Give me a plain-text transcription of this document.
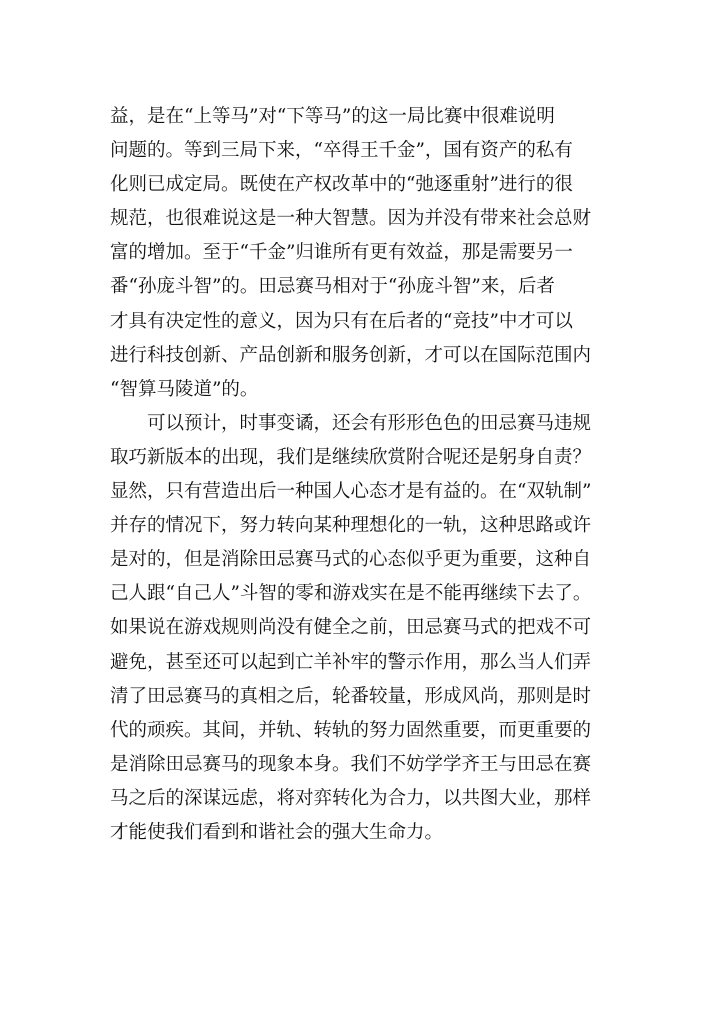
益，是在“上等马”对“下等马”的这一局比赛中很难说明
问题的。等到三局下来，“卒得王千金”，国有资产的私有
化则已成定局。既使在产权改革中的“弛逐重射”进行的很
规范，也很难说这是一种大智慧。因为并没有带来社会总财
富的增加。至于“千金”归谁所有更有效益，那是需要另一
番“孙庞斗智”的。田忌赛马相对于“孙庞斗智”来，后者
才具有决定性的意义，因为只有在后者的“竞技”中才可以
进行科技创新、产品创新和服务创新，才可以在国际范围内
“智算马陵道”的。
可以预计，时事变谲，还会有形形色色的田忌赛马违规
取巧新版本的出现，我们是继续欣赏附合呢还是躬身自责？
显然，只有营造出后一种国人心态才是有益的。在“双轨制”
并存的情况下，努力转向某种理想化的一轨，这种思路或许
是对的，但是消除田忌赛马式的心态似乎更为重要，这种自
己人跟“自己人”斗智的零和游戏实在是不能再继续下去了。
如果说在游戏规则尚没有健全之前，田忌赛马式的把戏不可
避免，甚至还可以起到亡羊补牢的警示作用，那么当人们弄
清了田忌赛马的真相之后，轮番较量，形成风尚，那则是时
代的顽疾。其间，并轨、转轨的努力固然重要，而更重要的
是消除田忌赛马的现象本身。我们不妨学学齐王与田忌在赛
马之后的深谋远虑，将对弈转化为合力，以共图大业，那样
才能使我们看到和谐社会的强大生命力。
